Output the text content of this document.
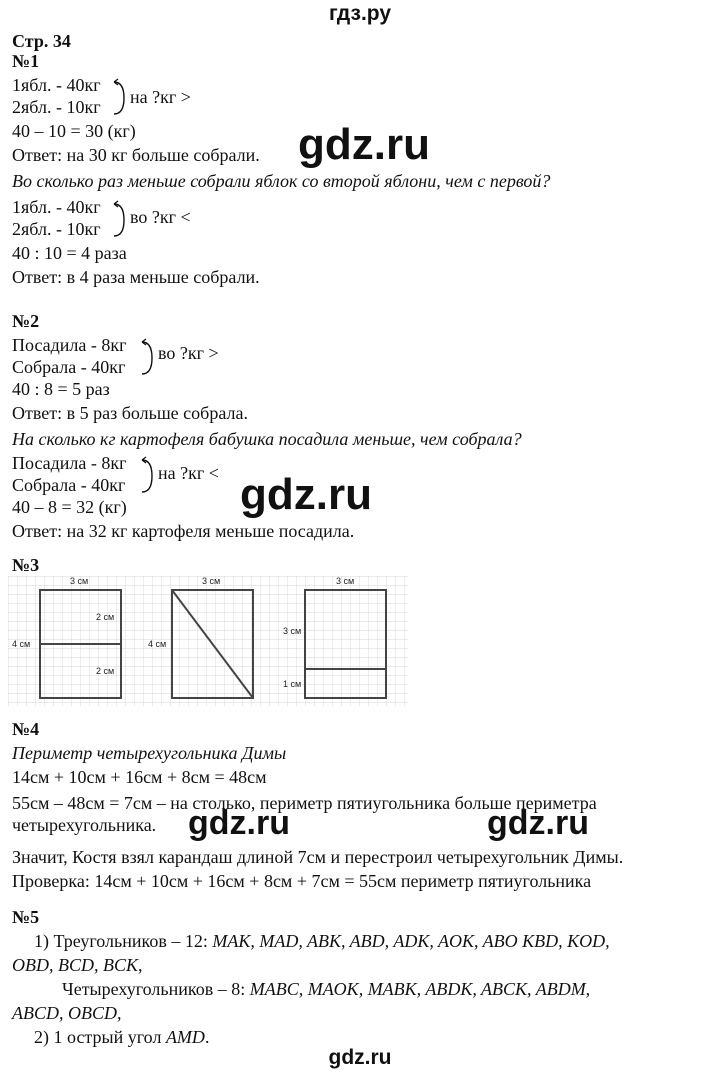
гдз.ру
Стр. 34
№1
1ябл. - 40кг
2ябл. - 10кг на ?кг >
40 – 10 = 30 (кг)
Ответ: на 30 кг больше собрали. gdz.ru
Во сколько раз меньше собрали яблок со второй яблони, чем с первой?
1ябл. - 40кг
2ябл. - 10кг
во ?кг <
40 : 10 = 4 раза
Ответ: в 4 раза меньше собрали.
№2
Посадила - 8кг
Собрала - 40кг
во ?кг >
40 : 8 = 5 раз
Ответ: в 5 раз больше собрала.
На сколько кг картофеля бабушка посадила меньше, чем собрала?
Посадила - 8кг
Собрала - 40кг
на ?кг <
40 – 8 = 32 (кг)
Ответ: на 32 кг картофеля меньше посадила.
gdz.ru
№3
3 см
4 см
2 см
2 см
3 см
4 см
3 см
3 см
1 см
№4
Периметр четырехугольника Димы
14см + 10см + 16см + 8см = 48см
55см – 48см = 7см – на столько, периметр пятиугольника больше периметра
четырехугольника. gdz.ru	gdz.ru
Значит, Костя взял карандаш длиной 7см и перестроил четырехугольник Димы.
Проверка: 14см + 10см + 16см + 8см + 7см = 55см периметр пятиугольника
№5
1) Треугольников – 12: MAK, MAD, ABK, ABD, ADK, AOK, ABO KBD, KOD,
OBD, BCD, BCK,
Четырехугольников – 8: MABC, MAOK, MABK, ABDK, ABCK, ABDM,
ABCD, OBCD,
2) 1 острый угол AMD.
gdz.ru
